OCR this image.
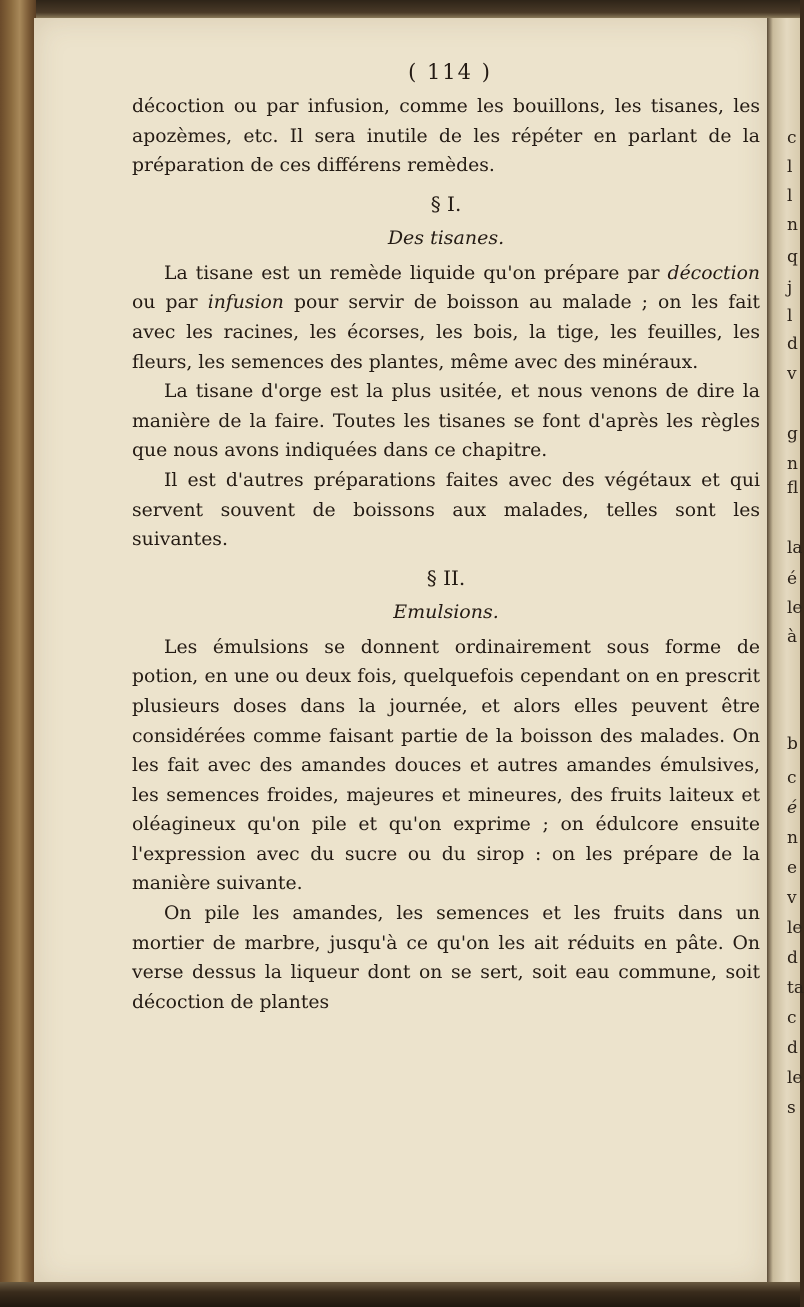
c
l
l
n
q
j
l
d
v
g
n
fl
la
é
le
à
b
c
é
n
e
v
le
d
ta
c
d
le
s
( 114 )

décoction ou par infusion, comme les bouillons, les tisanes, les apozèmes, etc. Il sera inutile de les répéter en parlant de la préparation de ces différens remèdes.

§ I.
Des tisanes.

La tisane est un remède liquide qu'on prépare par décoction ou par infusion pour servir de boisson au malade ; on les fait avec les racines, les écorses, les bois, la tige, les feuilles, les fleurs, les semences des plantes, même avec des minéraux.

La tisane d'orge est la plus usitée, et nous venons de dire la manière de la faire. Toutes les tisanes se font d'après les règles que nous avons indiquées dans ce chapitre.

Il est d'autres préparations faites avec des végétaux et qui servent souvent de boissons aux malades, telles sont les suivantes.

§ II.
Emulsions.

Les émulsions se donnent ordinairement sous forme de potion, en une ou deux fois, quelquefois cependant on en prescrit plusieurs doses dans la journée, et alors elles peuvent être considérées comme faisant partie de la boisson des malades. On les fait avec des amandes douces et autres amandes émulsives, les semences froides, majeures et mineures, des fruits laiteux et oléagineux qu'on pile et qu'on exprime ; on édulcore ensuite l'expression avec du sucre ou du sirop : on les prépare de la manière suivante.

On pile les amandes, les semences et les fruits dans un mortier de marbre, jusqu'à ce qu'on les ait réduits en pâte. On verse dessus la liqueur dont on se sert, soit eau commune, soit décoction de plantes
